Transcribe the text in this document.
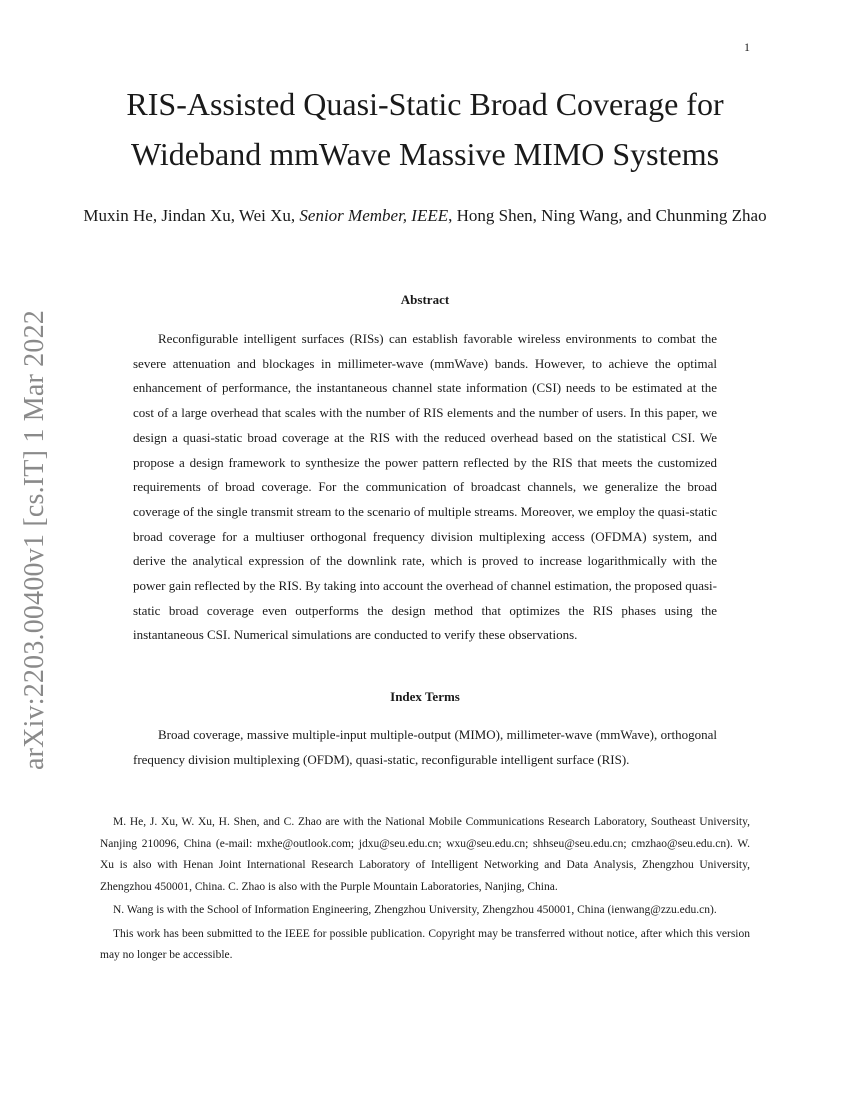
1
arXiv:2203.00400v1 [cs.IT] 1 Mar 2022
RIS-Assisted Quasi-Static Broad Coverage for Wideband mmWave Massive MIMO Systems
Muxin He, Jindan Xu, Wei Xu, Senior Member, IEEE, Hong Shen, Ning Wang, and Chunming Zhao
Abstract

Reconfigurable intelligent surfaces (RISs) can establish favorable wireless environments to combat the severe attenuation and blockages in millimeter-wave (mmWave) bands. However, to achieve the optimal enhancement of performance, the instantaneous channel state information (CSI) needs to be estimated at the cost of a large overhead that scales with the number of RIS elements and the number of users. In this paper, we design a quasi-static broad coverage at the RIS with the reduced overhead based on the statistical CSI. We propose a design framework to synthesize the power pattern reflected by the RIS that meets the customized requirements of broad coverage. For the communication of broadcast channels, we generalize the broad coverage of the single transmit stream to the scenario of multiple streams. Moreover, we employ the quasi-static broad coverage for a multiuser orthogonal frequency division multiplexing access (OFDMA) system, and derive the analytical expression of the downlink rate, which is proved to increase logarithmically with the power gain reflected by the RIS. By taking into account the overhead of channel estimation, the proposed quasi-static broad coverage even outperforms the design method that optimizes the RIS phases using the instantaneous CSI. Numerical simulations are conducted to verify these observations.

Index Terms

Broad coverage, massive multiple-input multiple-output (MIMO), millimeter-wave (mmWave), orthogonal frequency division multiplexing (OFDM), quasi-static, reconfigurable intelligent surface (RIS).

M. He, J. Xu, W. Xu, H. Shen, and C. Zhao are with the National Mobile Communications Research Laboratory, Southeast University, Nanjing 210096, China (e-mail: mxhe@outlook.com; jdxu@seu.edu.cn; wxu@seu.edu.cn; shhseu@seu.edu.cn; cmzhao@seu.edu.cn). W. Xu is also with Henan Joint International Research Laboratory of Intelligent Networking and Data Analysis, Zhengzhou University, Zhengzhou 450001, China. C. Zhao is also with the Purple Mountain Laboratories, Nanjing, China.

N. Wang is with the School of Information Engineering, Zhengzhou University, Zhengzhou 450001, China (ienwang@zzu.edu.cn).

This work has been submitted to the IEEE for possible publication. Copyright may be transferred without notice, after which this version may no longer be accessible.
